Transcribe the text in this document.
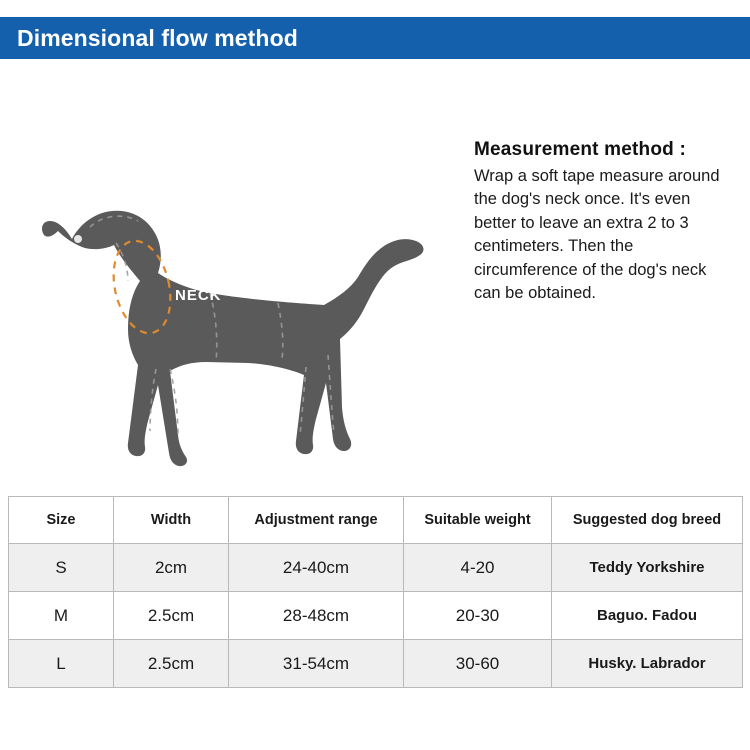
Dimensional flow method
NECK

Measurement method :

Wrap a soft tape measure around the dog's neck once. It's even better to leave an extra 2 to 3 centimeters. Then the circumference of the dog's neck can be obtained.

Size	Width	Adjustment range	Suitable weight	Suggested dog breed
S	2cm	24-40cm	4-20	Teddy Yorkshire
M	2.5cm	28-48cm	20-30	Baguo. Fadou
L	2.5cm	31-54cm	30-60	Husky. Labrador
